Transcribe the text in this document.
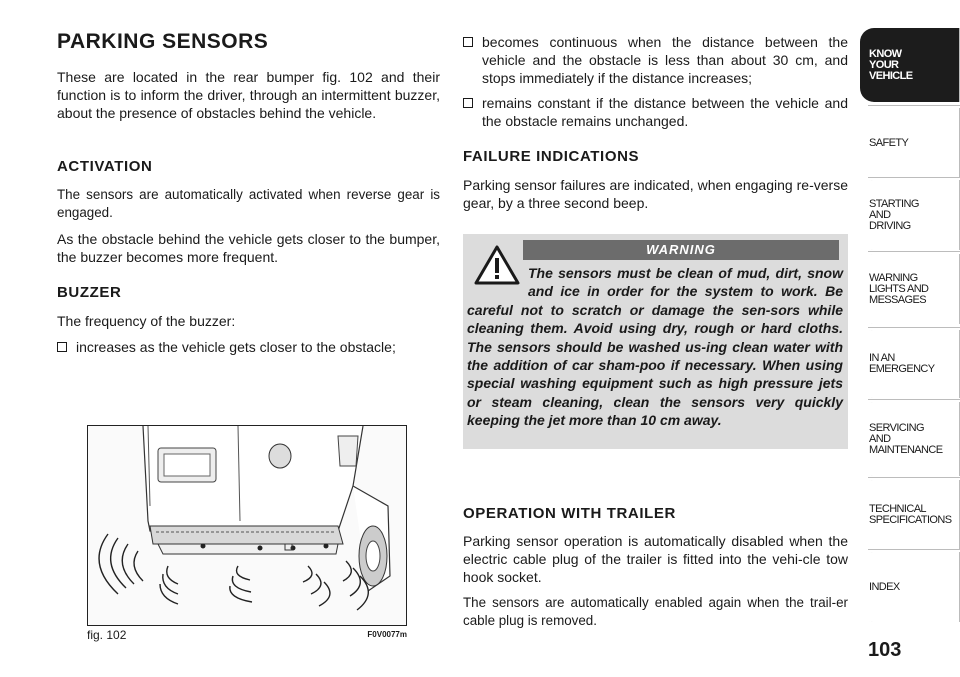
PARKING SENSORS

These are located in the rear bumper fig. 102 and their function is to inform the driver, through an intermittent buzzer, about the presence of obstacles behind the vehicle.

ACTIVATION

The sensors are automatically activated when reverse gear is engaged.

As the obstacle behind the vehicle gets closer to the bumper, the buzzer becomes more frequent.

BUZZER

The frequency of the buzzer:

increases as the vehicle gets closer to the obstacle;
fig. 102	F0V0077m
becomes continuous when the distance between the vehicle and the obstacle is less than about 30 cm, and stops immediately if the distance increases;
remains constant if the distance between the vehicle and the obstacle remains unchanged.

FAILURE INDICATIONS

Parking sensor failures are indicated, when engaging re-verse gear, by a three second beep.

WARNING
The sensors must be clean of mud, dirt, snow and ice in order for the system to work. Be careful not to scratch or damage the sen-sors while cleaning them. Avoid using dry, rough or hard cloths. The sensors should be washed us-ing clean water with the addition of car sham-poo if necessary. When using special washing equipment such as high pressure jets or steam cleaning, clean the sensors very quickly keeping the jet more than 10 cm away.

OPERATION WITH TRAILER

Parking sensor operation is automatically disabled when the electric cable plug of the trailer is fitted into the vehi-cle tow hook socket.

The sensors are automatically enabled again when the trail-er cable plug is removed.

KNOW
YOUR
VEHICLE
SAFETY
STARTING
AND
DRIVING
WARNING
LIGHTS AND
MESSAGES
IN AN
EMERGENCY
SERVICING
AND
MAINTENANCE
TECHNICAL
SPECIFICATIONS
INDEX
103
